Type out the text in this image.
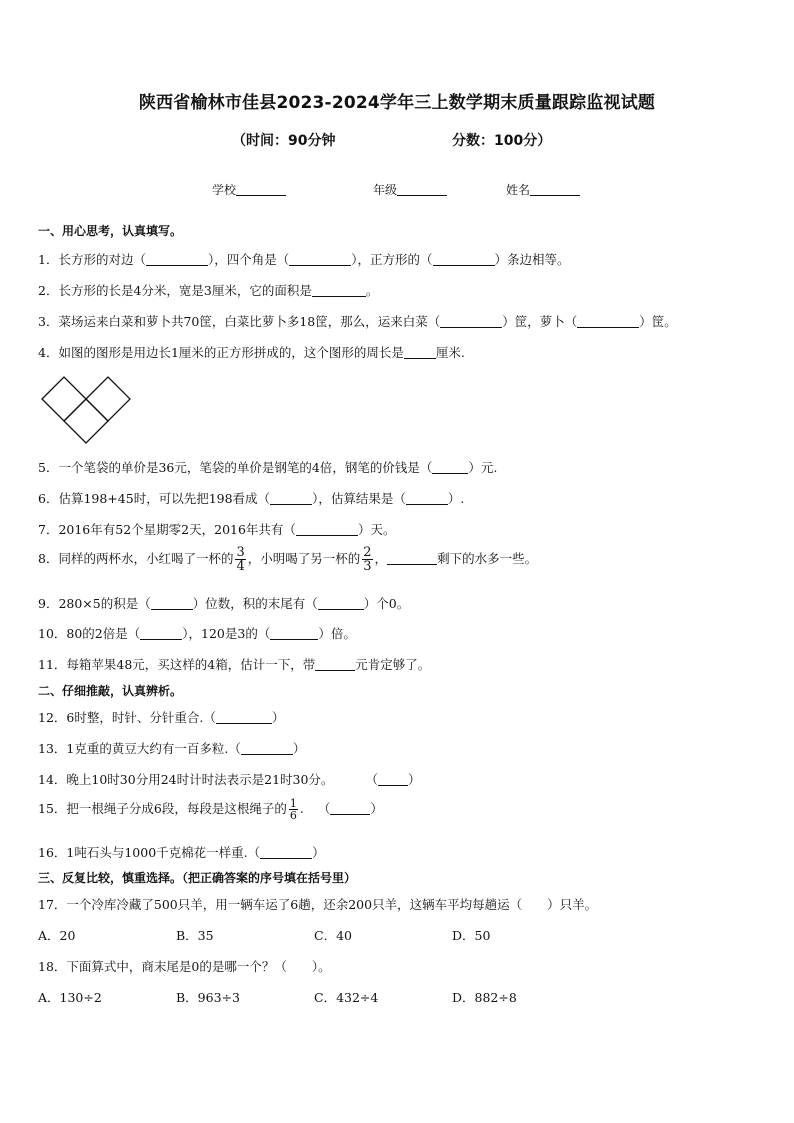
陕西省榆林市佳县2023-2024学年三上数学期末质量跟踪监视试题
（时间：90分钟	分数：100分）
学校	年级	姓名
一、用心思考，认真填写。
1．长方形的对边（	），四个角是（	），正方形的（	）条边相等。
2．长方形的长是4分米，宽是3厘米，它的面积是	。
3．菜场运来白菜和萝卜共70筐，白菜比萝卜多18筐，那么，运来白菜（	）筐，萝卜（	）筐。
4．如图的图形是用边长1厘米的正方形拼成的，这个图形的周长是	厘米.
5．一个笔袋的单价是36元，笔袋的单价是钢笔的4倍，钢笔的价钱是（	）元.
6．估算198+45时，可以先把198看成（	），估算结果是（	）.
7．2016年有52个星期零2天，2016年共有（	）天。
8．同样的两杯水，小红喝了一杯的 $\frac{3}{4}$ ，小明喝了另一杯的 $\frac{2}{3}$ ，	剩下的水多一些。
9．280×5的积是（	）位数，积的末尾有（	）个0。
10．80的2倍是（	），120是3的（	）倍。
11．每箱苹果48元，买这样的4箱，估计一下，带	元肯定够了。
二、仔细推敲，认真辨析。
12．6时整，时针、分针重合.（	）
13．1克重的黄豆大约有一百多粒.（	）
14．晚上10时30分用24时计时法表示是21时30分。	（ ）
15．把一根绳子分成6段，每段是这根绳子的 $\frac{1}{6}$ . （	）
16．1吨石头与1000千克棉花一样重.（	）
三、反复比较，慎重选择。（把正确答案的序号填在括号里）
17．一个冷库冷藏了500只羊，用一辆车运了6趟，还余200只羊，这辆车平均每趟运（　　）只羊。
A．20	B．35	C．40	D．50
18．下面算式中，商末尾是0的是哪一个？（　　）。
A．130÷2	B．963÷3	C．432÷4	D．882÷8
